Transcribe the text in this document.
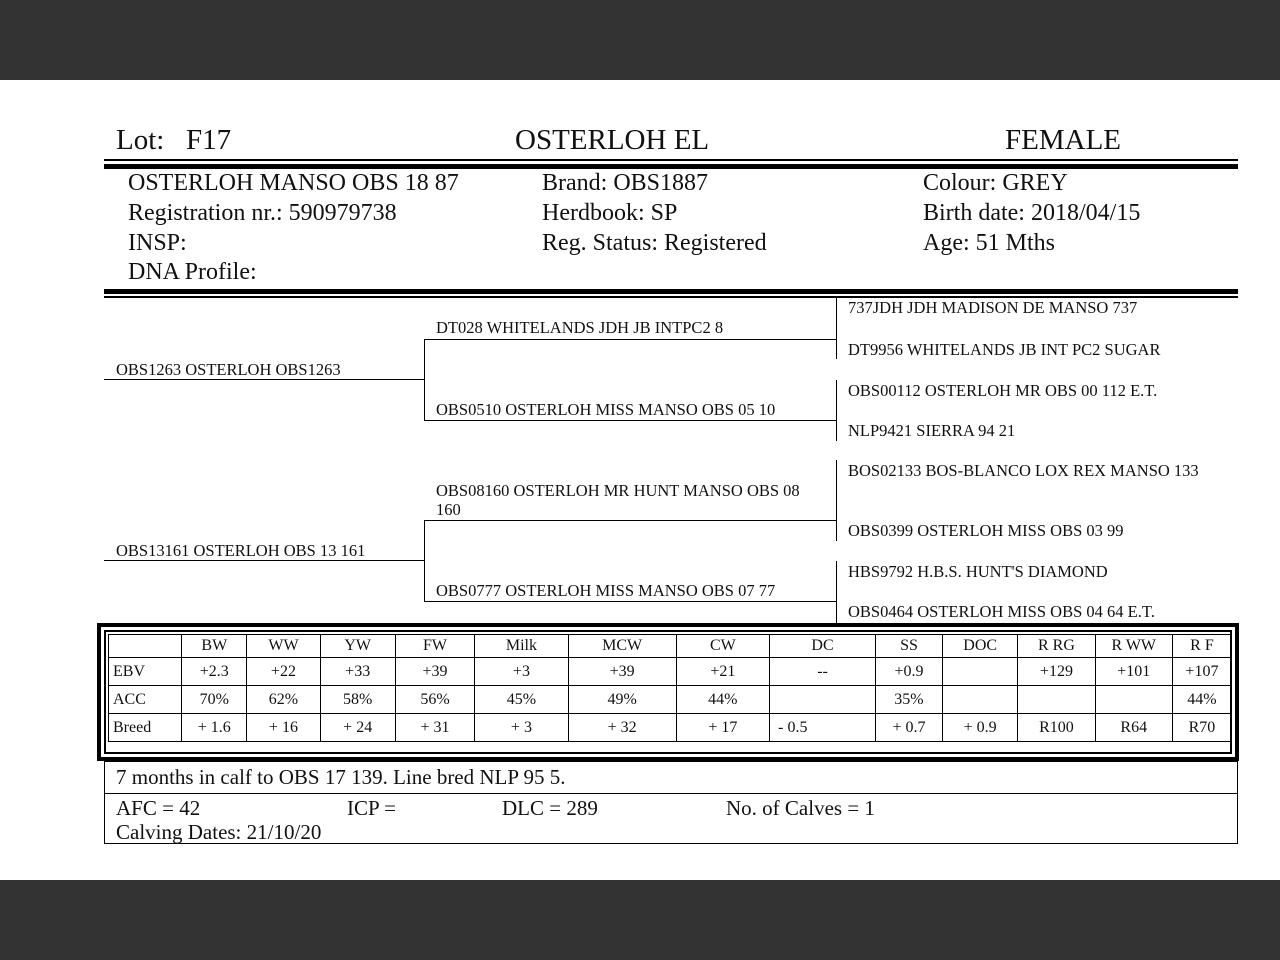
Lot: F17	OSTERLOH EL	FEMALE
OSTERLOH MANSO OBS 18 87
Registration nr.: 590979738
INSP:
DNA Profile:
Brand: OBS1887
Herdbook: SP
Reg. Status: Registered
Colour: GREY
Birth date: 2018/04/15
Age: 51 Mths
OBS1263 OSTERLOH OBS1263
OBS13161 OSTERLOH OBS 13 161
DT028 WHITELANDS JDH JB INTPC2 8
OBS0510 OSTERLOH MISS MANSO OBS 05 10
OBS08160 OSTERLOH MR HUNT MANSO OBS 08 160
OBS0777 OSTERLOH MISS MANSO OBS 07 77
737JDH JDH MADISON DE MANSO 737
DT9956 WHITELANDS JB INT PC2 SUGAR
OBS00112 OSTERLOH MR OBS 00 112 E.T.
NLP9421 SIERRA 94 21
BOS02133 BOS-BLANCO LOX REX MANSO 133
OBS0399 OSTERLOH MISS OBS 03 99
HBS9792 H.B.S. HUNT'S DIAMOND
OBS0464 OSTERLOH MISS OBS 04 64 E.T.
	BW	WW	YW	FW	Milk	MCW	CW	DC	SS	DOC	R RG	R WW	R F
EBV	+2.3	+22	+33	+39	+3	+39	+21	--	+0.9		+129	+101	+107
ACC	70%	62%	58%	56%	45%	49%	44%		35%				44%
Breed	+ 1.6	+ 16	+ 24	+ 31	+ 3	+ 32	+ 17	- 0.5	+ 0.7	+ 0.9	R100	R64	R70
7 months in calf to OBS 17 139. Line bred NLP 95 5.
AFC = 42	ICP =	DLC = 289	No. of Calves = 1
Calving Dates: 21/10/20
